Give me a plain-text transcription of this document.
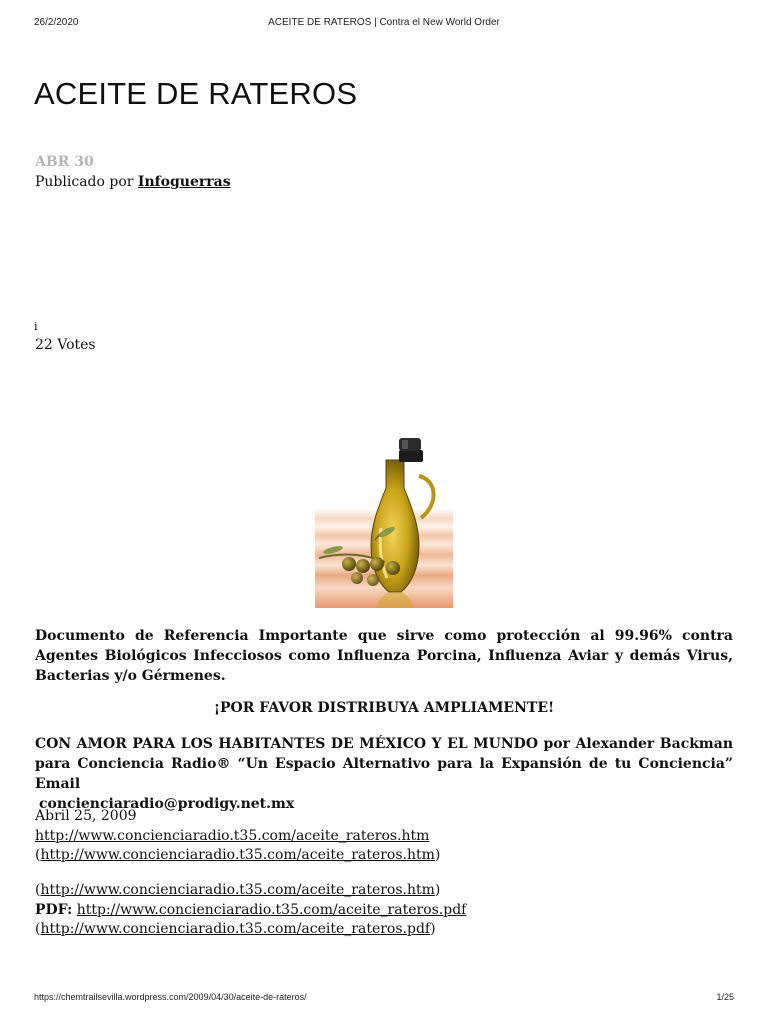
26/2/2020	ACEITE DE RATEROS | Contra el New World Order
ACEITE DE RATEROS
ABR 30
Publicado por Infoguerras
i
22 Votes

Documento de Referencia Importante que sirve como protección al 99.96% contra Agentes Biológicos Infecciosos como Influenza Porcina, Influenza Aviar y demás Virus, Bacterias y/o Gérmenes.

¡POR FAVOR DISTRIBUYA AMPLIAMENTE!

CON AMOR PARA LOS HABITANTES DE MÉXICO Y EL MUNDO por Alexander Backman para Conciencia Radio® “Un Espacio Alternativo para la Expansión de tu Conciencia” Email
concienciaradio@prodigy.net.mx

Abril 25, 2009
http://www.concienciaradio.t35.com/aceite_rateros.htm
(http://www.concienciaradio.t35.com/aceite_rateros.htm)
(http://www.concienciaradio.t35.com/aceite_rateros.htm)
PDF: http://www.concienciaradio.t35.com/aceite_rateros.pdf
(http://www.concienciaradio.t35.com/aceite_rateros.pdf)
https://chemtrailsevilla.wordpress.com/2009/04/30/aceite-de-rateros/	1/25
